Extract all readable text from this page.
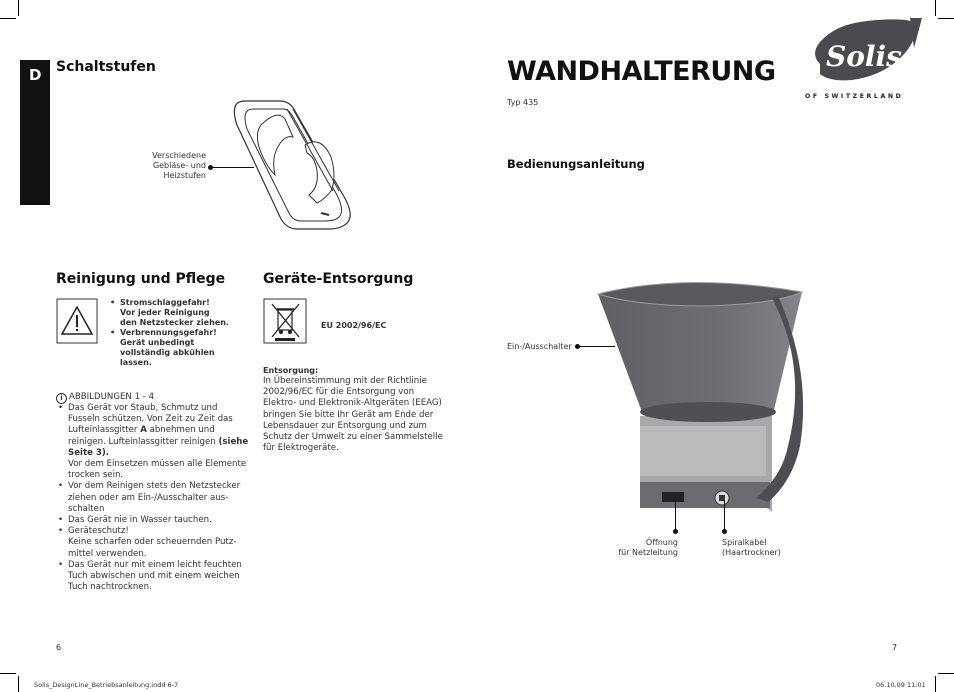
D Schaltstufen
Verschiedene
Gebläse- und
Heizstufen
Reinigung und Pflege
• Stromschlaggefahr!
Vor jeder Reinigung
den Netzstecker ziehen.
• Verbrennungsgefahr!
Gerät unbedingt
vollständig abkühlen
lassen.
i ABBILDUNGEN 1 - 4
• Das Gerät vor Staub, Schmutz und
Fusseln schützen. Von Zeit zu Zeit das
Lufteinlassgitter A abnehmen und
reinigen. Lufteinlassgitter reinigen (siehe
Seite 3).
Vor dem Einsetzen müssen alle Elemente
trocken sein.
• Vor dem Reinigen stets den Netzstecker
ziehen oder am Ein-/Ausschalter aus-
schalten
• Das Gerät nie in Wasser tauchen.
• Geräteschutz!
Keine scharfen oder scheuernden Putz-
mittel verwenden.
• Das Gerät nur mit einem leicht feuchten
Tuch abwischen und mit einem weichen
Tuch nachtrocknen.
Geräte-Entsorgung
EU 2002/96/EC
Entsorgung:
In Übereinstimmung mit der Richtlinie
2002/96/EC für die Entsorgung von
Elektro- und Elektronik-Altgeräten (EEAG)
bringen Sie bitte Ihr Gerät am Ende der
Lebensdauer zur Entsorgung und zum
Schutz der Umwelt zu einer Sammelstelle
für Elektrogeräte.
6
WANDHALTERUNG
Typ 435
Bedienungsanleitung
Solis
OF SWITZERLAND
Ein-/Ausschalter
Öffnung
für Netzleitung
Spiralkabel
(Haartrockner)
7
Solis_DesignLine_Betriebsanleitung.indd 6-7	06.10.09 11:01
